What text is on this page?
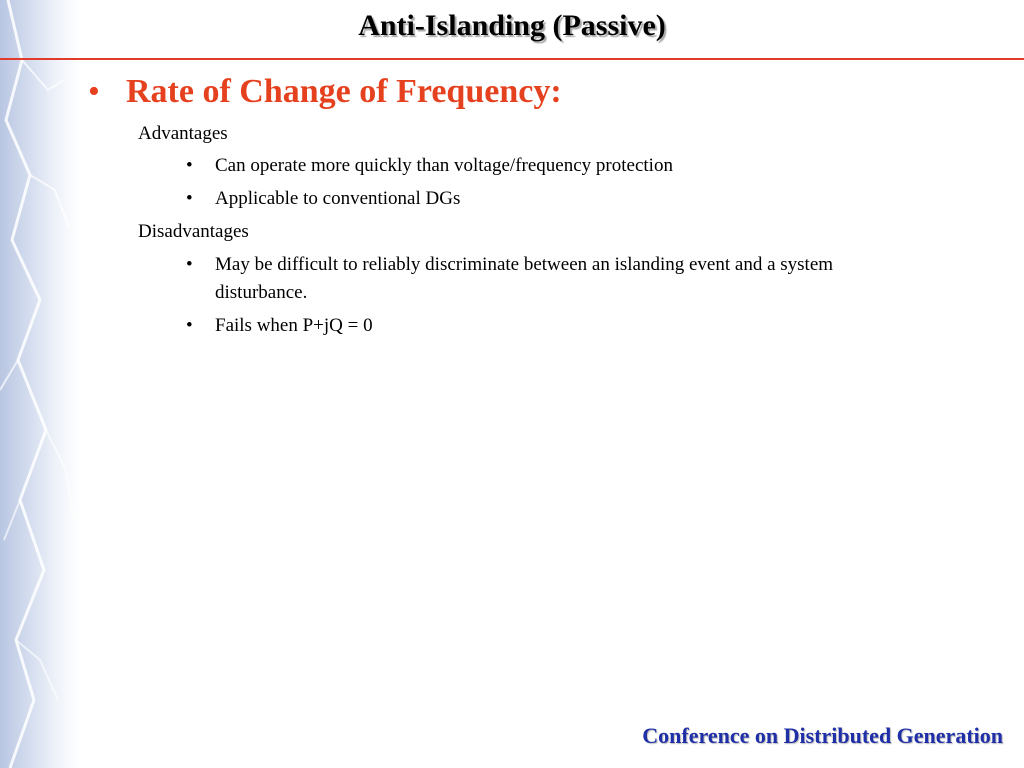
Anti-Islanding (Passive)
• Rate of Change of Frequency:
Advantages
• Can operate more quickly than voltage/frequency protection
• Applicable to conventional DGs
Disadvantages
• May be difficult to reliably discriminate between an islanding event and a system disturbance.
• Fails when P+jQ = 0
Conference on Distributed Generation
